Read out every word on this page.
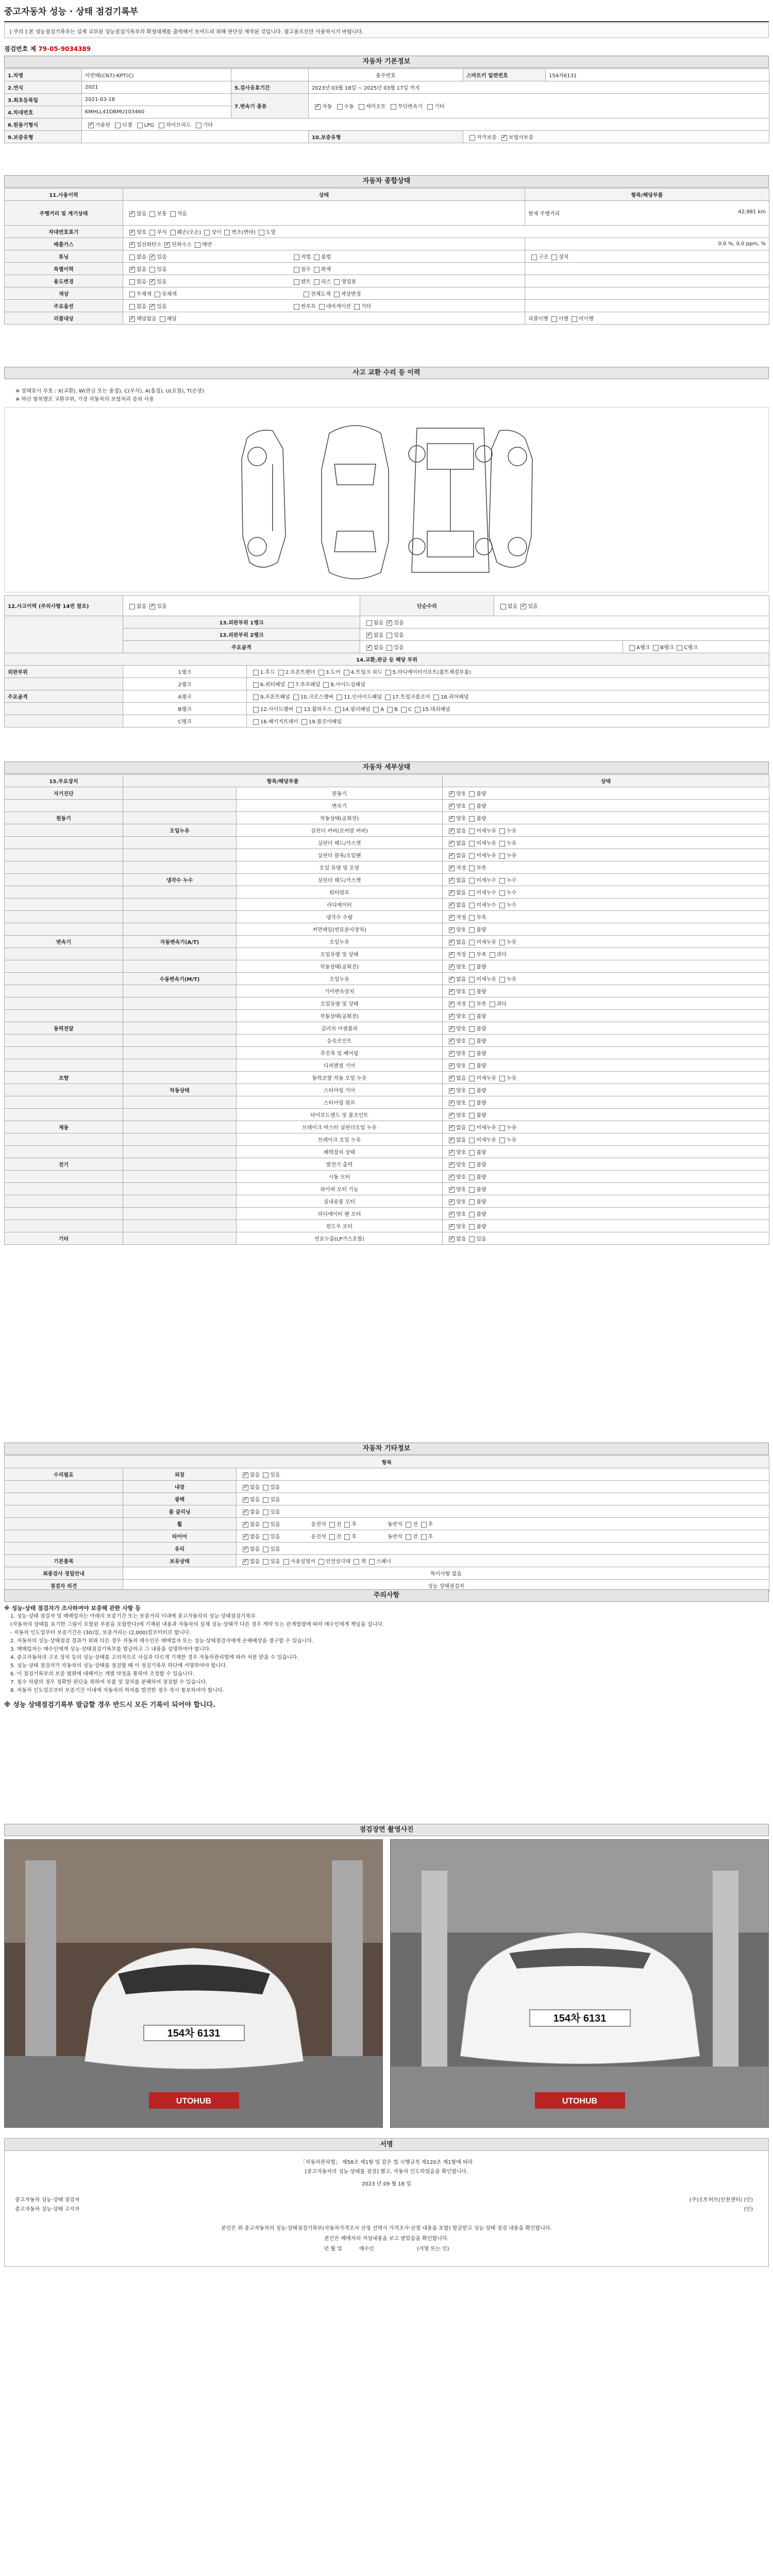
중고자동차 성능 · 상태 점검기록부
[ 주의 ] 본 성능점검기록부는 실제 교부된 성능점검기록부의 확정대체를 출력해서 보여드리 위해 판단상 재작된 것입니다. 참고용으로만 사용하시기 바랍니다.
점검번호 제 79-05-9034389
자동차 기본정보
1.차명	아반떼(CN7)-KPT(C)		용주번호	스마트키 일련번호	154차6131
2.연식	2021	5.검사유효기간	2023년 03월 18일 ~ 2025년 03월 17일 까지		
3.최초등록일	2021-03-18	7.변속기 종류	✓자동 수동 세미오토 무단변속기 기타
4.차대번호	KMHLL41DBMU103460				
6.원동기형식	✓가솔린 디젤 LPG 하이브리드 기타
9.보증유형			10.보증유형	자가보증 ✓ 보험사보증
자동차 종합상태
11.사용이력	상태	항목/해당부품
주행거리 및 계기상태	✓많음 보통 적음	현재 주행거리 42,981 km

차대번호표기	✓양호 부식 훼손(오손) 상이 변조(변타) 도말
배출가스	✓일산화탄소 ✓ 탄화수소 매연	0.0 %, 0.0 ppm, %
튜닝	없음 ✓ 있음 적법 불법	구조 장치
특별이력	✓없음 있음 침수 화재	
용도변경	없음 ✓ 있음 렌트 리스 영업용	
색상	무채색 유채색 전체도색 색상변경	
주요옵션	없음 ✓ 있음 썬루프 네비게이션 기타	
리콜대상	✓해당없음 해당	리콜이행 이행 미이행
사고 교환 수리 등 이력
※ 상태표시 부호 : X(교환), W(판금 또는 용접), C(부식), A(흠집), U(요철), T(손상)
※ 하단 항목별로 교환부위, 가장 자동차의 보험처리 증외 사용
12.사고이력 (주의사항 14번 참조)	없음 ✓ 있음		단순수리	없음 ✓ 있음
	13.외판부위 1랭크		없음 ✓ 있음
	13.외판부위 2랭크	✓없음 있음
	주요골격	✓없음 있음		A랭크 B랭크 C랭크
14.교환,판금 등 해당 부위					
외판부위	1랭크	1.후드 2.프론트펜더 3.도어 4.트렁크 리드 5.라디에이터서포트(볼트체결부품)			
	2랭크	6.쿼터패널 7.루프패널 8.사이드실패널			
주요골격	A랭크	9.프론트패널 10.크로스멤버 11.인사이드패널 17.트렁크플로어 18.리어패널			
	B랭크	12.사이드멤버 13.휠하우스 14.필러패널 A B C 15.대쉬패널			
	C랭크	16.패키지트레이 19.플로어패널			
자동차 세부상태
15.주요장치	항목/해당부품		상태
자기진단		원동기	✓양호 불량
		변속기	✓양호 불량
원동기		작동상태(공회전)	✓양호 불량
	오일누유	실린더 커버(로커암 커버)	✓없음 미세누유 누유
		실린더 헤드/가스켓	✓없음 미세누유 누유
		실린더 블록/오일팬	✓없음 미세누유 누유
		오일 유량 및 오염	✓적정 부족
	냉각수 누수	실린더 헤드/가스켓	✓없음 미세누수 누수
		워터펌프	✓없음 미세누수 누수
		라디에이터	✓없음 미세누수 누수
		냉각수 수량	✓적정 부족
		커먼레일(연료분사장치)	✓양호 불량
변속기	자동변속기(A/T)	오일누유	✓없음 미세누유 누유
		오일유량 및 상태	✓적정 부족 과다
		작동상태(공회전)	✓양호 불량
	수동변속기(M/T)	오일누유	✓없음 미세누유 누유
		기어변속장치	✓양호 불량
		오일유량 및 상태	✓적정 부족 과다
		작동상태(공회전)	✓양호 불량
동력전달		클러치 어셈블리	✓양호 불량
		등속조인트	✓양호 불량
		추진축 및 베어링	✓양호 불량
		디퍼렌셜 기어	✓양호 불량
조향		동력조향 작동 오일 누유	✓없음 미세누유 누유
	작동상태	스티어링 기어	✓양호 불량
		스티어링 펌프	✓양호 불량
		타이로드엔드 및 볼조인트	✓양호 불량
제동		브레이크 마스터 실린더오일 누유	✓없음 미세누유 누유
		브레이크 오일 누유	✓없음 미세누유 누유
		배력장치 상태	✓양호 불량
전기		발전기 출력	✓양호 불량
		시동 모터	✓양호 불량
		와이퍼 모터 기능	✓양호 불량
		실내송풍 모터	✓양호 불량
		라디에이터 팬 모터	✓양호 불량
		윈도우 모터	✓양호 불량
기타		연료누출(LP가스포함)	✓없음 있음
자동차 기타정보
항목		
수리필요	외장	✓없음 있음
	내장	✓없음 있음
	광택	✓없음 있음
	룸 클리닝	✓없음 있음
	휠	✓없음 있음 운전석 전 후 동반석 전 후
	타이어	✓없음 있음 운전석 전 후 동반석 전 후
	유리	✓없음 있음
기본품목	보유상태	✓없음 있음 사용설명서 안전삼각대 잭 스패너
최종검사 정밀안내	특이사항 없음	
점검자 의견	성능 상태점검자	
주의사항
※ 성능·상태 점검자가 조사하여야 보증해 관한 사항 등

1. 성능·상태 점검자 및 매매업자는 아래의 보증기간 또는 보증거리 이내에 중고자동차의 성능·상태점검기록부

(자동차의 상태를 표기한 그림이 포함된 부분을 포함한다)에 기재된 내용과 자동차의 실제 성능·상태가 다른 경우 계약 또는 관계법령에 따라 매수인에게 책임을 집니다.

- 자동차 인도일부터 보증기간은 (30)일, 보증거리는 (2,000)킬로미터로 합니다.

2. 자동차의 성능·상태점검 결과가 위와 다른 경우 자동차 매수인은 매매업자 또는 성능·상태점검자에게 손해배상을 청구할 수 있습니다.

3. 매매업자는 매수인에게 성능·상태점검기록부를 발급하고 그 내용을 설명하여야 합니다.

4. 중고자동차의 구조 장치 등의 성능·상태를 고의적으로 사실과 다르게 기재한 경우 자동차관리법에 따라 처분 받을 수 있습니다.

5. 성능·상태 점검자가 자동차의 성능·상태를 점검할 때 이 점검기록부 하단에 서명하여야 합니다.

6. 이 점검기록부의 보증 범위에 대해서는 개별 약정을 통하여 조정할 수 있습니다.

7. 침수 차량의 경우 정확한 판단을 위하여 부품 및 장치를 분해하여 점검할 수 있습니다.

8. 자동차 인도일로부터 보증기간 이내에 자동차의 하자를 발견한 경우 즉시 통보하여야 합니다.

※ 성능 상태점검기록부 발급할 경우 반드시 모든 기록이 되어야 합니다.
점검장면 촬영사진
154차 6131
UTOHUB
154차 6131
UTOHUB
서명
「자동차관리법」 제58조 제1항 및 같은 법 시행규칙 제120조 제1항에 따라
[중고자동차의 성능·상태를 점검] 했고, 자동차 인도하였음을 확인합니다.
2023 년 09 월 18 일
중고자동차 성능·상태 점검자
중고자동차 성능·상태 고지자
(주)오토허브(인천센터) (인)
(인)
본인은 위 중고자동차의 성능·상태점검기록부(자동차가격조사 산정 선택시 가격조사·산정 내용을 포함) 발급받고 성능·상태 점검 내용을 확인합니다.
본인은 매매자의 저상내용을 보고 받았음을 확인합니다.
년 월 일	매수인	(서명 또는 인)
